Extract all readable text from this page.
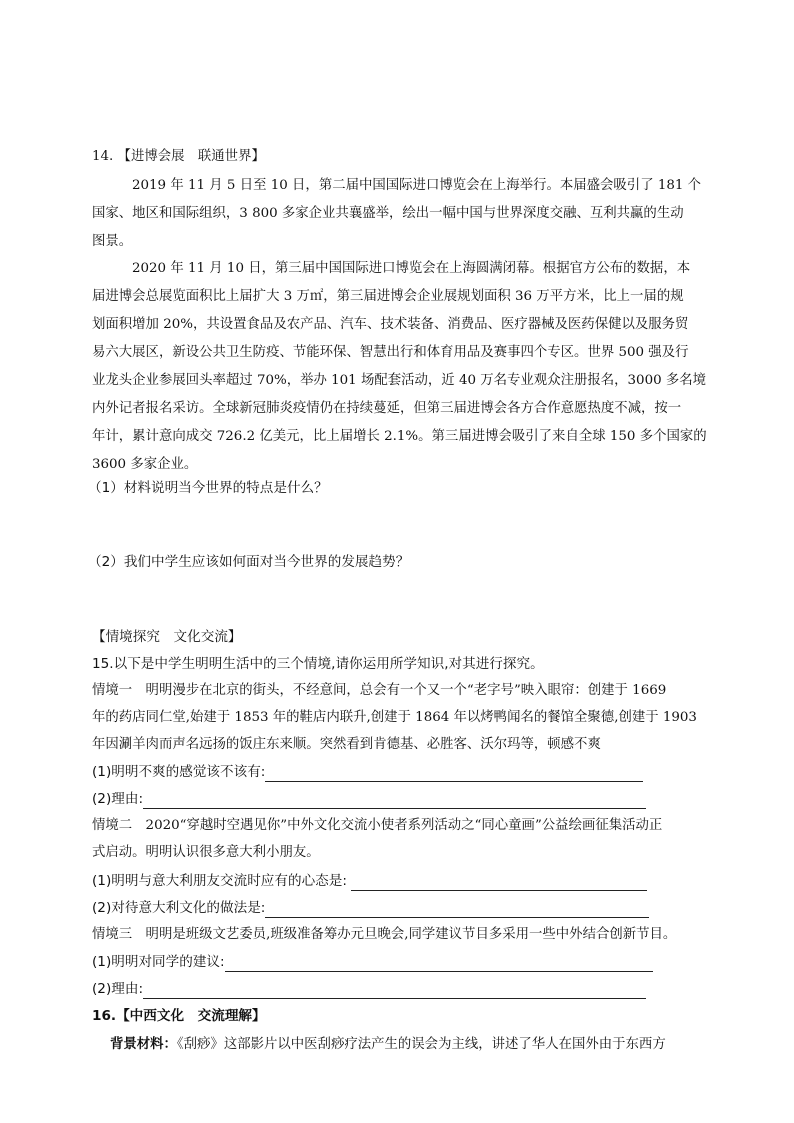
14. 【进博会展　联通世界】
2019 年 11 月 5 日至 10 日，第二届中国国际进口博览会在上海举行。本届盛会吸引了 181 个
国家、地区和国际组织，3 800 多家企业共襄盛举，绘出一幅中国与世界深度交融、互利共赢的生动
图景。
2020 年 11 月 10 日，第三届中国国际进口博览会在上海圆满闭幕。根据官方公布的数据，本
届进博会总展览面积比上届扩大 3 万㎡，第三届进博会企业展规划面积 36 万平方米，比上一届的规
划面积增加 20%，共设置食品及农产品、汽车、技术装备、消费品、医疗器械及医药保健以及服务贸
易六大展区，新设公共卫生防疫、节能环保、智慧出行和体育用品及赛事四个专区。世界 500 强及行
业龙头企业参展回头率超过 70%，举办 101 场配套活动，近 40 万名专业观众注册报名，3000 多名境
内外记者报名采访。全球新冠肺炎疫情仍在持续蔓延，但第三届进博会各方合作意愿热度不减，按一
年计，累计意向成交 726.2 亿美元，比上届增长 2.1%。第三届进博会吸引了来自全球 150 多个国家的
3600 多家企业。
（1）材料说明当今世界的特点是什么？
（2）我们中学生应该如何面对当今世界的发展趋势？
【情境探究　文化交流】
15.以下是中学生明明生活中的三个情境,请你运用所学知识,对其进行探究。
情境一　明明漫步在北京的街头，不经意间，总会有一个又一个“老字号”映入眼帘：创建于 1669
年的药店同仁堂,始建于 1853 年的鞋店内联升,创建于 1864 年以烤鸭闻名的餐馆全聚德,创建于 1903
年因涮羊肉而声名远扬的饭庄东来顺。突然看到肯德基、必胜客、沃尔玛等，顿感不爽
(1)明明不爽的感觉该不该有:
(2)理由:
情境二　2020“穿越时空遇见你”中外文化交流小使者系列活动之“同心童画”公益绘画征集活动正
式启动。明明认识很多意大利小朋友。
(1)明明与意大利朋友交流时应有的心态是:
(2)对待意大利文化的做法是:
情境三　明明是班级文艺委员,班级准备筹办元旦晚会,同学建议节目多采用一些中外结合创新节目。
(1)明明对同学的建议:
(2)理由:
16.【中西文化　交流理解】
背景材料：《刮痧》这部影片以中医刮痧疗法产生的误会为主线，讲述了华人在国外由于东西方
